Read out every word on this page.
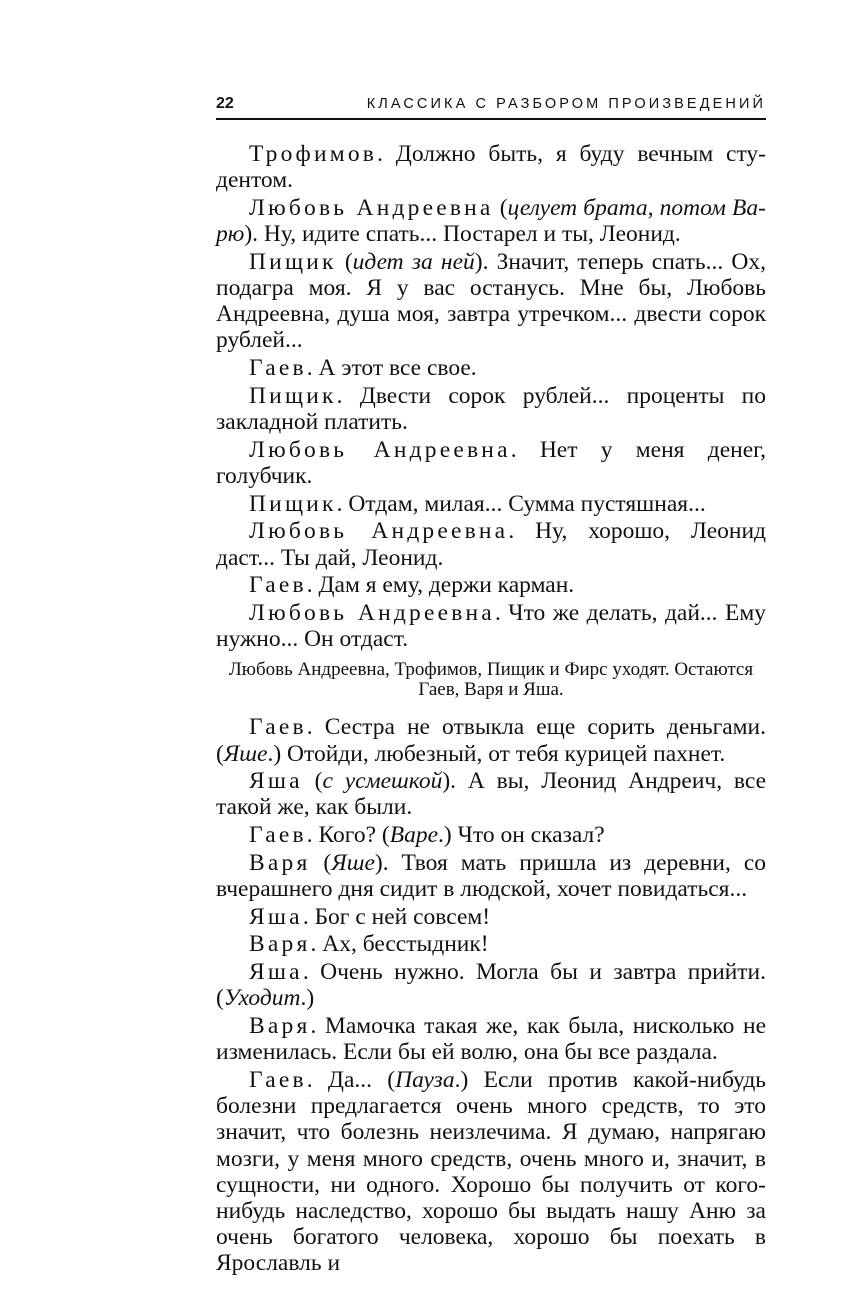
22	КЛАССИКА С РАЗБОРОМ ПРОИЗВЕДЕНИЙ

Трофимов. Должно быть, я буду вечным сту-дентом.

Любовь Андреевна (целует брата, потом Ва-рю). Ну, идите спать... Постарел и ты, Леонид.

Пищик (идет за ней). Значит, теперь спать... Ох, подагра моя. Я у вас останусь. Мне бы, Любовь Андреевна, душа моя, завтра утречком... двести сорок рублей...

Гаев. А этот все свое.

Пищик. Двести сорок рублей... проценты по закладной платить.

Любовь Андреевна. Нет у меня денег, голубчик.

Пищик. Отдам, милая... Сумма пустяшная...

Любовь Андреевна. Ну, хорошо, Леонид даст... Ты дай, Леонид.

Гаев. Дам я ему, держи карман.

Любовь Андреевна. Что же делать, дай... Ему нужно... Он отдаст.

Любовь Андреевна, Трофимов, Пищик и Фирс уходят. Остаются
Гаев, Варя и Яша.

Гаев. Сестра не отвыкла еще сорить деньгами. (Яше.) Отойди, любезный, от тебя курицей пахнет.

Яша (с усмешкой). А вы, Леонид Андреич, все такой же, как были.

Гаев. Кого? (Варе.) Что он сказал?

Варя (Яше). Твоя мать пришла из деревни, со вчерашнего дня сидит в людской, хочет повидаться...

Яша. Бог с ней совсем!

Варя. Ах, бесстыдник!

Яша. Очень нужно. Могла бы и завтра прийти. (Уходит.)

Варя. Мамочка такая же, как была, нисколько не изменилась. Если бы ей волю, она бы все раздала.

Гаев. Да... (Пауза.) Если против какой-нибудь болезни предлагается очень много средств, то это значит, что болезнь неизлечима. Я думаю, напрягаю мозги, у меня много средств, очень много и, значит, в сущности, ни одного. Хорошо бы получить от кого-нибудь наследство, хорошо бы выдать нашу Аню за очень богатого человека, хорошо бы поехать в Ярославль и
